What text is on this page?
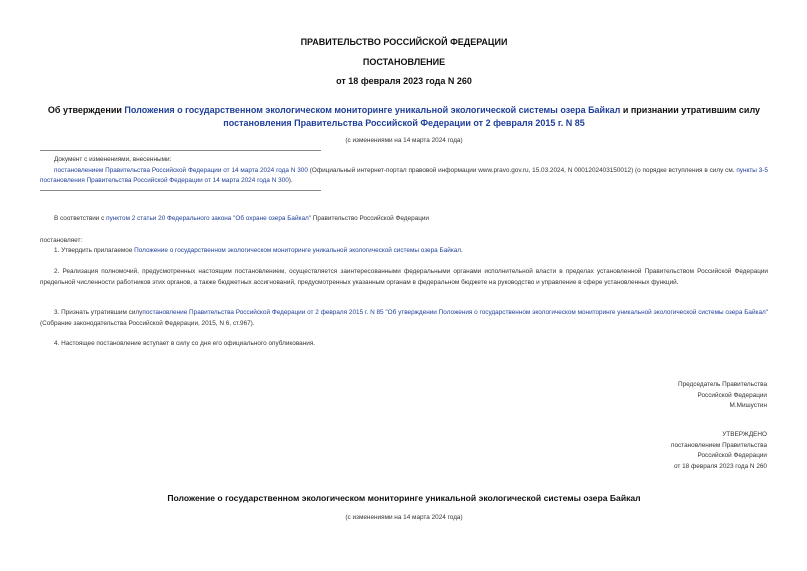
ПРАВИТЕЛЬСТВО РОССИЙСКОЙ ФЕДЕРАЦИИ
ПОСТАНОВЛЕНИЕ
от 18 февраля 2023 года N 260
Об утверждении Положения о государственном экологическом мониторинге уникальной экологической системы озера Байкал и признании утратившим силу
постановления Правительства Российской Федерации от 2 февраля 2015 г. N 85
(с изменениями на 14 марта 2024 года)
Документ с изменениями, внесенными:
постановлением Правительства Российской Федерации от 14 марта 2024 года N 300 (Официальный интернет-портал правовой информации www.pravo.gov.ru, 15.03.2024, N 0001202403150012) (о порядке вступления в силу см. пункты 3-5 постановления Правительства Российской Федерации от 14 марта 2024 года N 300).
В соответствии с пунктом 2 статьи 20 Федерального закона "Об охране озера Байкал" Правительство Российской Федерации
постановляет:
1. Утвердить прилагаемое Положение о государственном экологическом мониторинге уникальной экологической системы озера Байкал.
2. Реализация полномочий, предусмотренных настоящим постановлением, осуществляется заинтересованными федеральными органами исполнительной власти в пределах установленной Правительством Российской Федерации предельной численности работников этих органов, а также бюджетных ассигнований, предусмотренных указанным органам в федеральном бюджете на руководство и управление в сфере установленных функций.
3. Признать утратившим силупостановление Правительства Российской Федерации от 2 февраля 2015 г. N 85 "Об утверждении Положения о государственном экологическом мониторинге уникальной экологической системы озера Байкал" (Собрание законодательства Российской Федерации, 2015, N 6, ст.967).
4. Настоящее постановление вступает в силу со дня его официального опубликования.
Председатель Правительства
Российской Федерации
М.Мишустин
УТВЕРЖДЕНО
постановлением Правительства
Российской Федерации
от 18 февраля 2023 года N 260
Положение о государственном экологическом мониторинге уникальной экологической системы озера Байкал
(с изменениями на 14 марта 2024 года)
